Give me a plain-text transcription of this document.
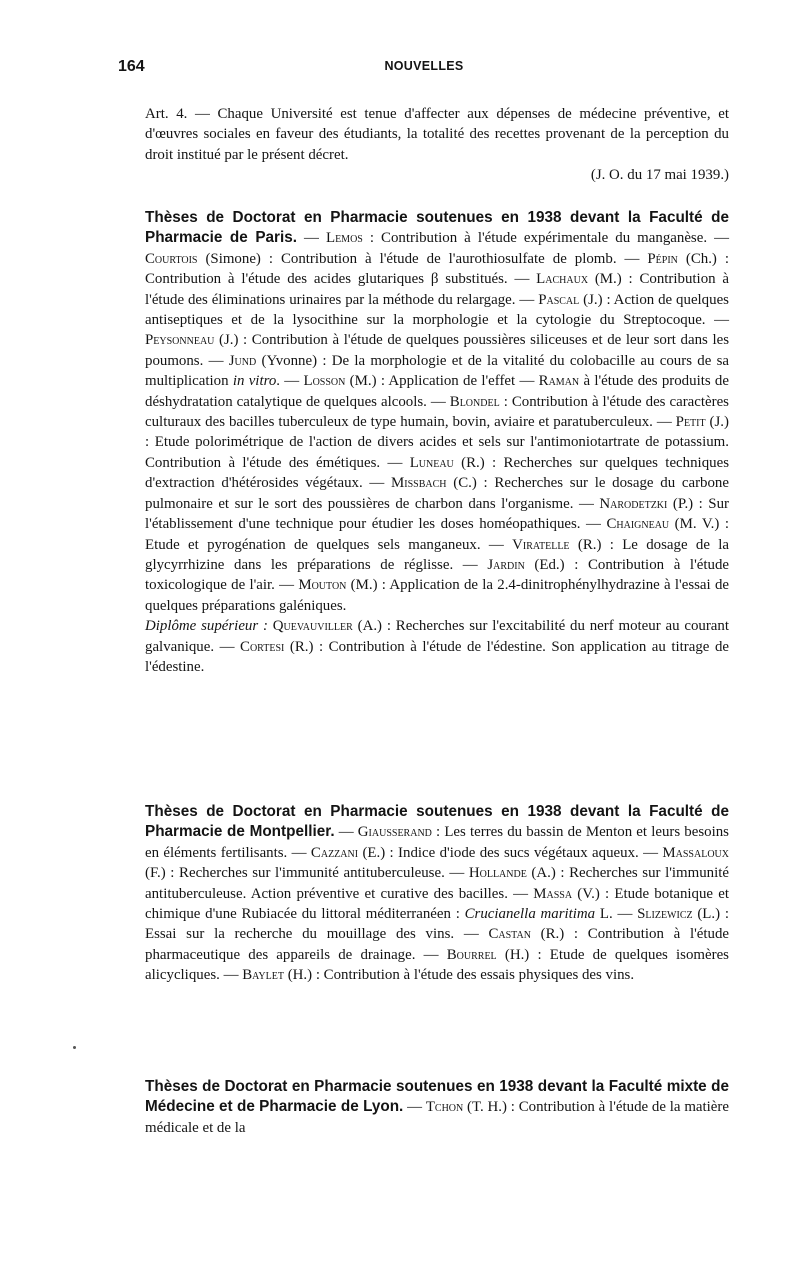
164	NOUVELLES

Art. 4. — Chaque Université est tenue d'affecter aux dépenses de médecine préventive, et d'œuvres sociales en faveur des étudiants, la totalité des recettes provenant de la perception du droit institué par le présent décret.

(J. O. du 17 mai 1939.)

Thèses de Doctorat en Pharmacie soutenues en 1938 devant la Faculté de Pharmacie de Paris. — Lemos : Contribution à l'étude expérimentale du manganèse. — Courtois (Simone) : Contribution à l'étude de l'aurothiosulfate de plomb. — Pépin (Ch.) : Contribution à l'étude des acides glutariques β substitués. — Lachaux (M.) : Contribution à l'étude des éliminations urinaires par la méthode du relargage. — Pascal (J.) : Action de quelques antiseptiques et de la lysocithine sur la morphologie et la cytologie du Streptocoque. — Peysonneau (J.) : Contribution à l'étude de quelques poussières siliceuses et de leur sort dans les poumons. — Jund (Yvonne) : De la morphologie et de la vitalité du colobacille au cours de sa multiplication in vitro. — Losson (M.) : Application de l'effet — Raman à l'étude des produits de déshydratation catalytique de quelques alcools. — Blondel : Contribution à l'étude des caractères culturaux des bacilles tuberculeux de type humain, bovin, aviaire et paratuberculeux. — Petit (J.) : Etude polorimétrique de l'action de divers acides et sels sur l'antimoniotartrate de potassium. Contribution à l'étude des émétiques. — Luneau (R.) : Recherches sur quelques techniques d'extraction d'hétérosides végétaux. — Missbach (C.) : Recherches sur le dosage du carbone pulmonaire et sur le sort des poussières de charbon dans l'organisme. — Narodetzki (P.) : Sur l'établissement d'une technique pour étudier les doses homéopathiques. — Chaigneau (M. V.) : Etude et pyrogénation de quelques sels manganeux. — Viratelle (R.) : Le dosage de la glycyrrhizine dans les préparations de réglisse. — Jardin (Ed.) : Contribution à l'étude toxicologique de l'air. — Mouton (M.) : Application de la 2.4-dinitrophénylhydrazine à l'essai de quelques préparations galéniques.

Diplôme supérieur : Quevauviller (A.) : Recherches sur l'excitabilité du nerf moteur au courant galvanique. — Cortesi (R.) : Contribution à l'étude de l'édestine. Son application au titrage de l'édestine.

Thèses de Doctorat en Pharmacie soutenues en 1938 devant la Faculté de Pharmacie de Montpellier. — Giausserand : Les terres du bassin de Menton et leurs besoins en éléments fertilisants. — Cazzani (E.) : Indice d'iode des sucs végétaux aqueux. — Massaloux (F.) : Recherches sur l'immunité antituberculeuse. — Hollande (A.) : Recherches sur l'immunité antituberculeuse. Action préventive et curative des bacilles. — Massa (V.) : Etude botanique et chimique d'une Rubiacée du littoral méditerranéen : Crucianella maritima L. — Slizewicz (L.) : Essai sur la recherche du mouillage des vins. — Castan (R.) : Contribution à l'étude pharmaceutique des appareils de drainage. — Bourrel (H.) : Etude de quelques isomères alicycliques. — Baylet (H.) : Contribution à l'étude des essais physiques des vins.

Thèses de Doctorat en Pharmacie soutenues en 1938 devant la Faculté mixte de Médecine et de Pharmacie de Lyon. — Tchon (T. H.) : Contribution à l'étude de la matière médicale et de la
